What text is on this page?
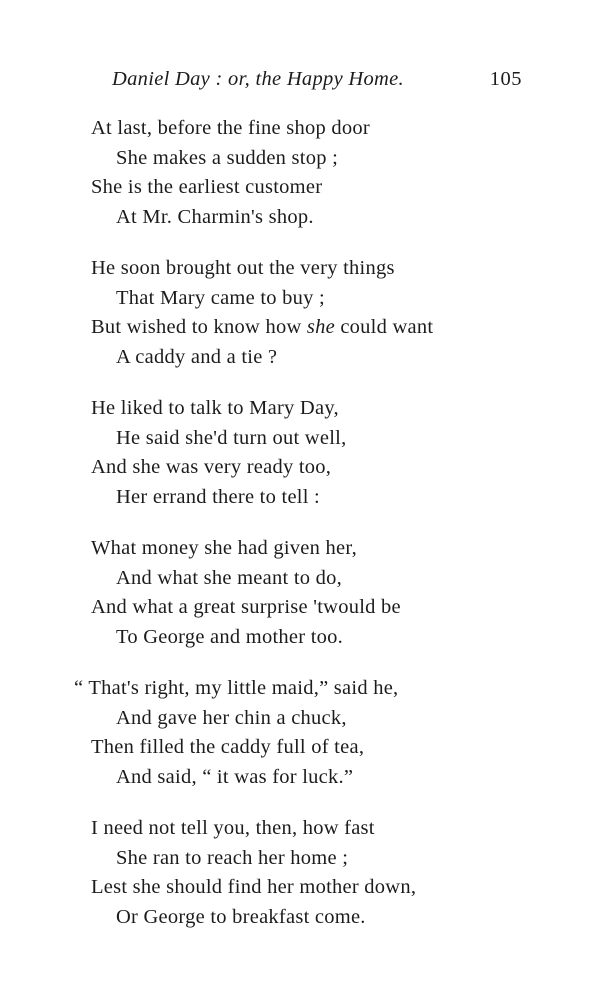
Daniel Day : or, the Happy Home.	105
At last, before the fine shop door
She makes a sudden stop ;
She is the earliest customer
At Mr. Charmin's shop.
He soon brought out the very things
That Mary came to buy ;
But wished to know how she could want
A caddy and a tie ?
He liked to talk to Mary Day,
He said she'd turn out well,
And she was very ready too,
Her errand there to tell :
What money she had given her,
And what she meant to do,
And what a great surprise 'twould be
To George and mother too.
“ That's right, my little maid,” said he,
And gave her chin a chuck,
Then filled the caddy full of tea,
And said, “ it was for luck.”
I need not tell you, then, how fast
She ran to reach her home ;
Lest she should find her mother down,
Or George to breakfast come.
